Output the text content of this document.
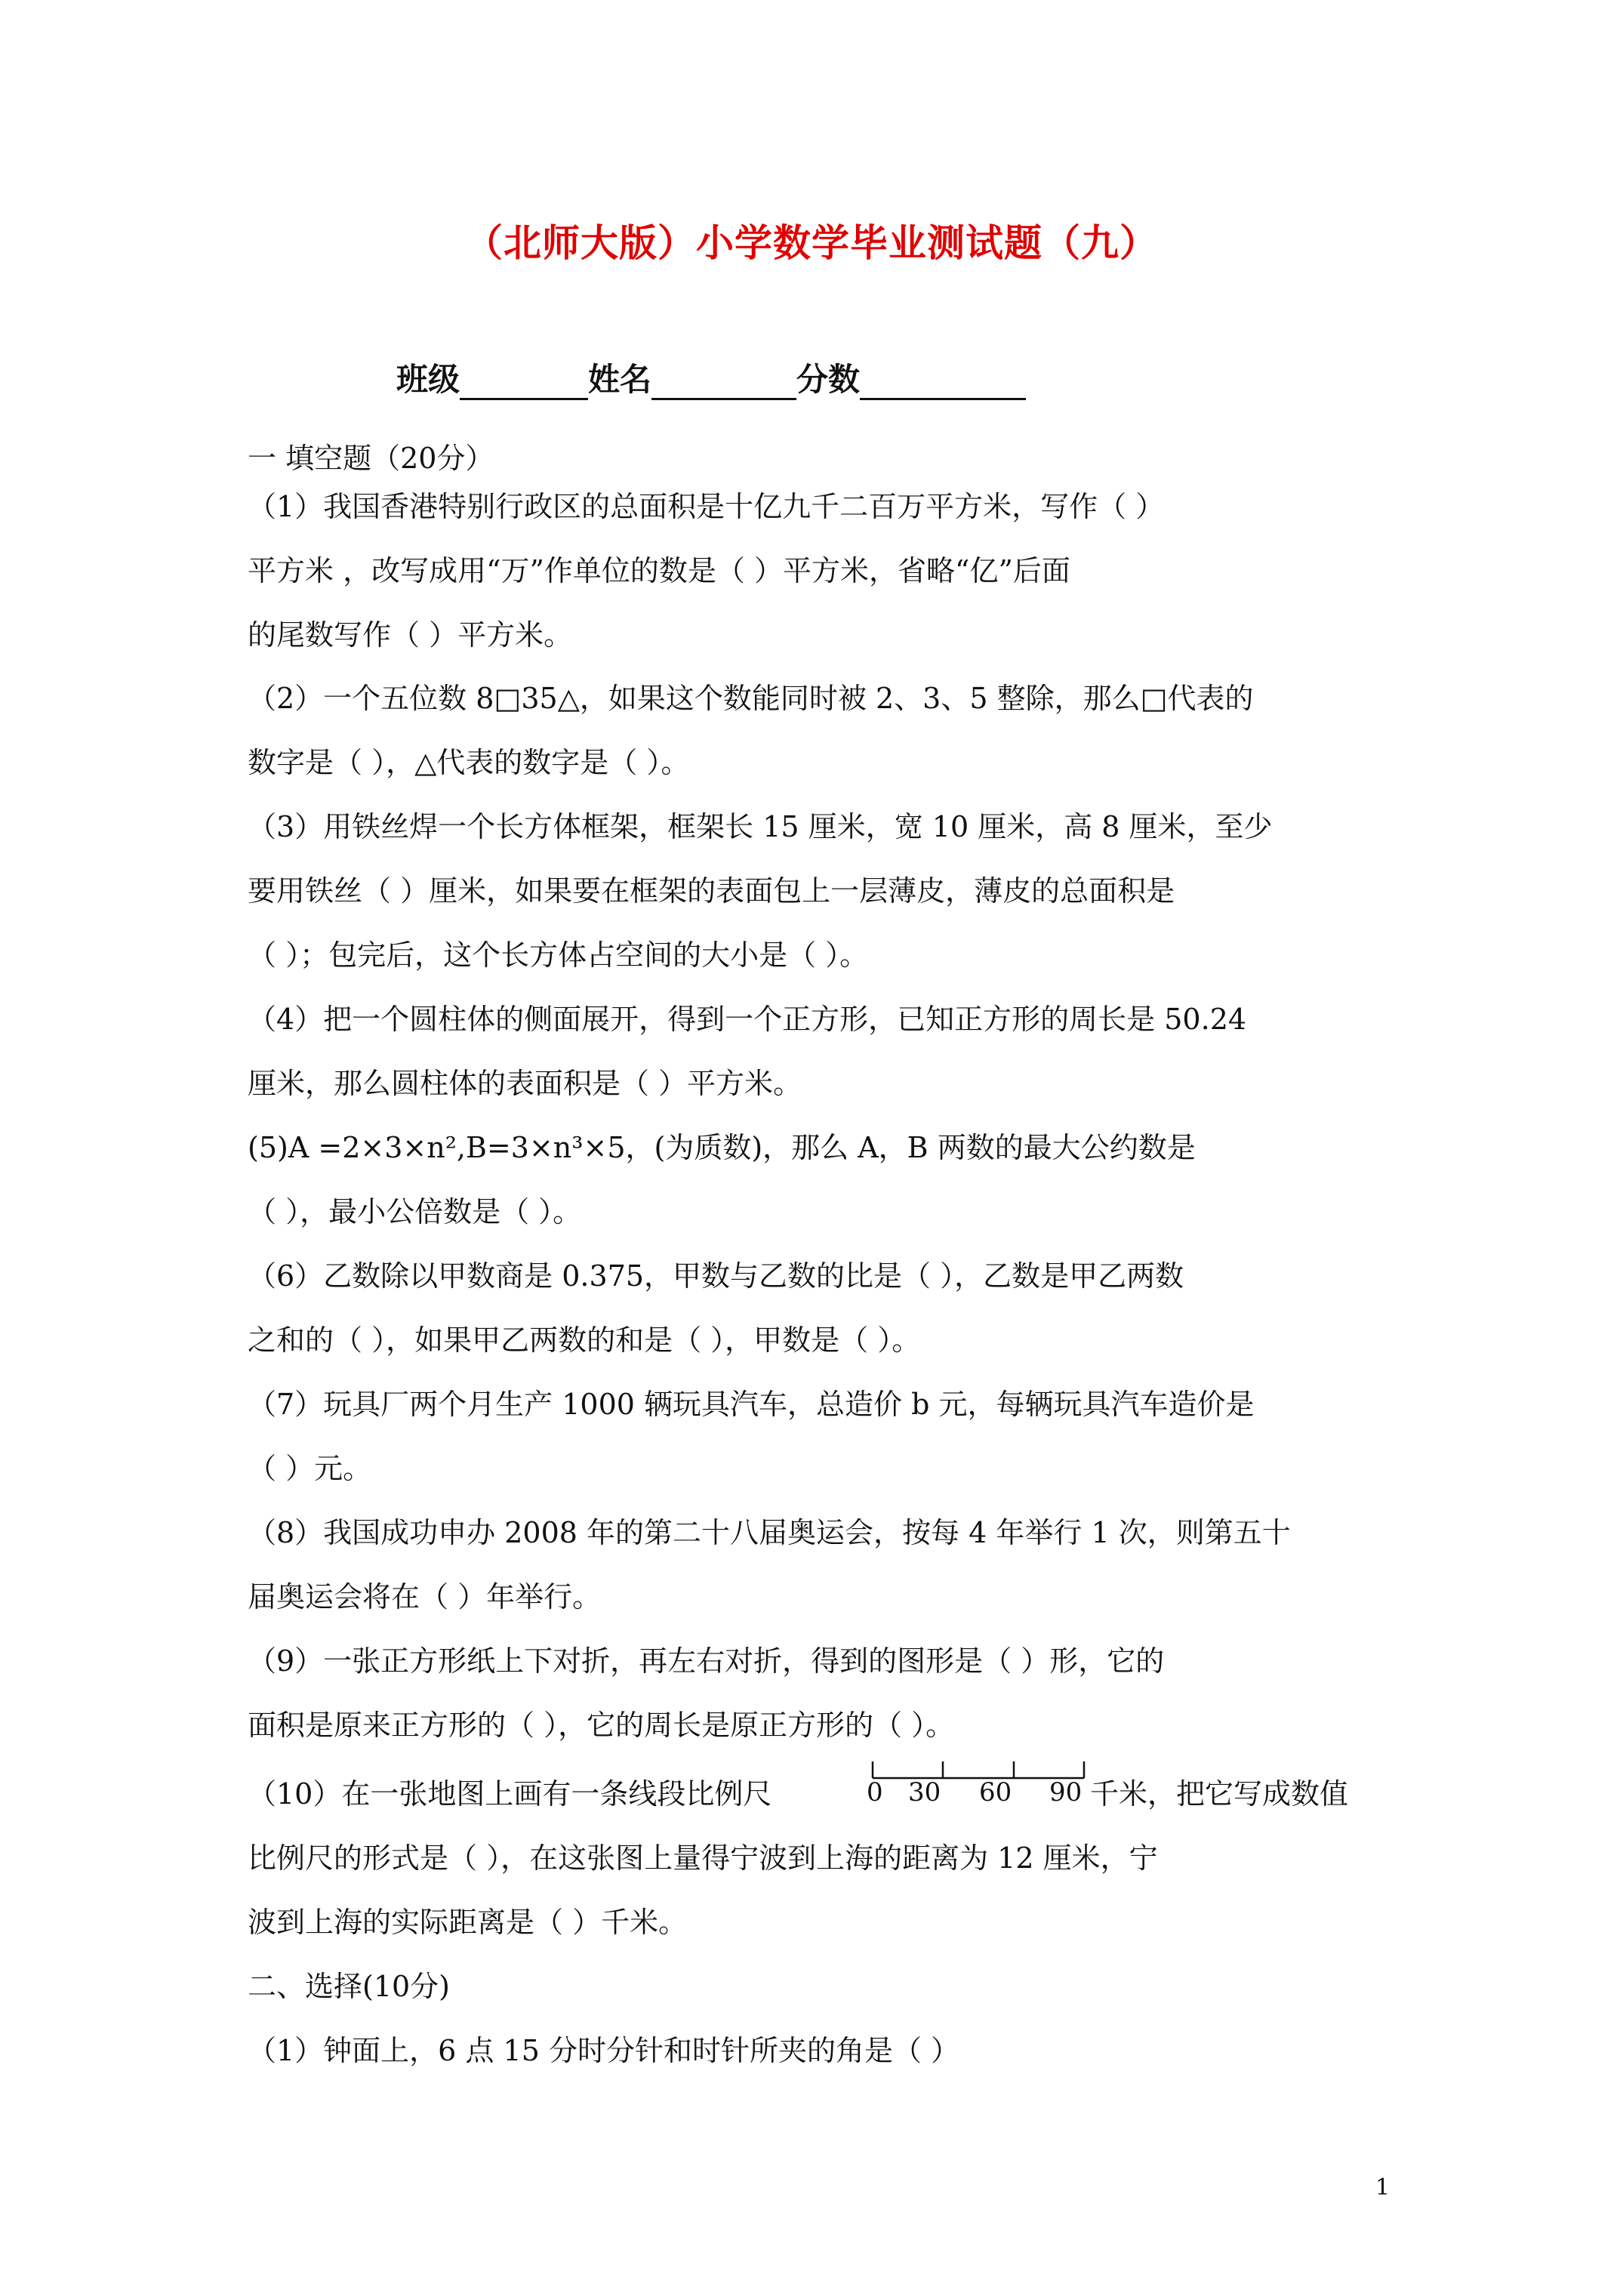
（北师大版）小学数学毕业测试题（九）
班级	姓名	分数
一 填空题（20分）
（1）我国香港特别行政区的总面积是十亿九千二百万平方米，写作（ ）
平方米 ，改写成用“万”作单位的数是（ ）平方米，省略“亿”后面
的尾数写作（ ）平方米。
（2）一个五位数 8□35△，如果这个数能同时被 2、3、5 整除，那么□代表的
数字是（ ），△代表的数字是（ ）。
（3）用铁丝焊一个长方体框架，框架长 15 厘米，宽 10 厘米，高 8 厘米，至少
要用铁丝（ ）厘米，如果要在框架的表面包上一层薄皮，薄皮的总面积是
（ ）；包完后，这个长方体占空间的大小是（ ）。
（4）把一个圆柱体的侧面展开，得到一个正方形，已知正方形的周长是 50.24
厘米，那么圆柱体的表面积是（ ）平方米。
(5)A =2×3×n²,B=3×n³×5，(为质数)，那么 A，B 两数的最大公约数是
（ ），最小公倍数是（ ）。
（6）乙数除以甲数商是 0.375，甲数与乙数的比是（ ），乙数是甲乙两数
之和的（ ），如果甲乙两数的和是（ ），甲数是（ ）。
（7）玩具厂两个月生产 1000 辆玩具汽车，总造价 b 元，每辆玩具汽车造价是
（ ）元。
（8）我国成功申办 2008 年的第二十八届奥运会，按每 4 年举行 1 次，则第五十
届奥运会将在（ ）年举行。
（9）一张正方形纸上下对折，再左右对折，得到的图形是（ ）形，它的
面积是原来正方形的（ ），它的周长是原正方形的（ ）。
（10）在一张地图上画有一条线段比例尺	0 30 60 90 千米，把它写成数值
比例尺的形式是（ ），在这张图上量得宁波到上海的距离为 12 厘米，宁
波到上海的实际距离是（ ）千米。
二、选择(10分)
（1）钟面上，6 点 15 分时分针和时针所夹的角是（ ）
1
